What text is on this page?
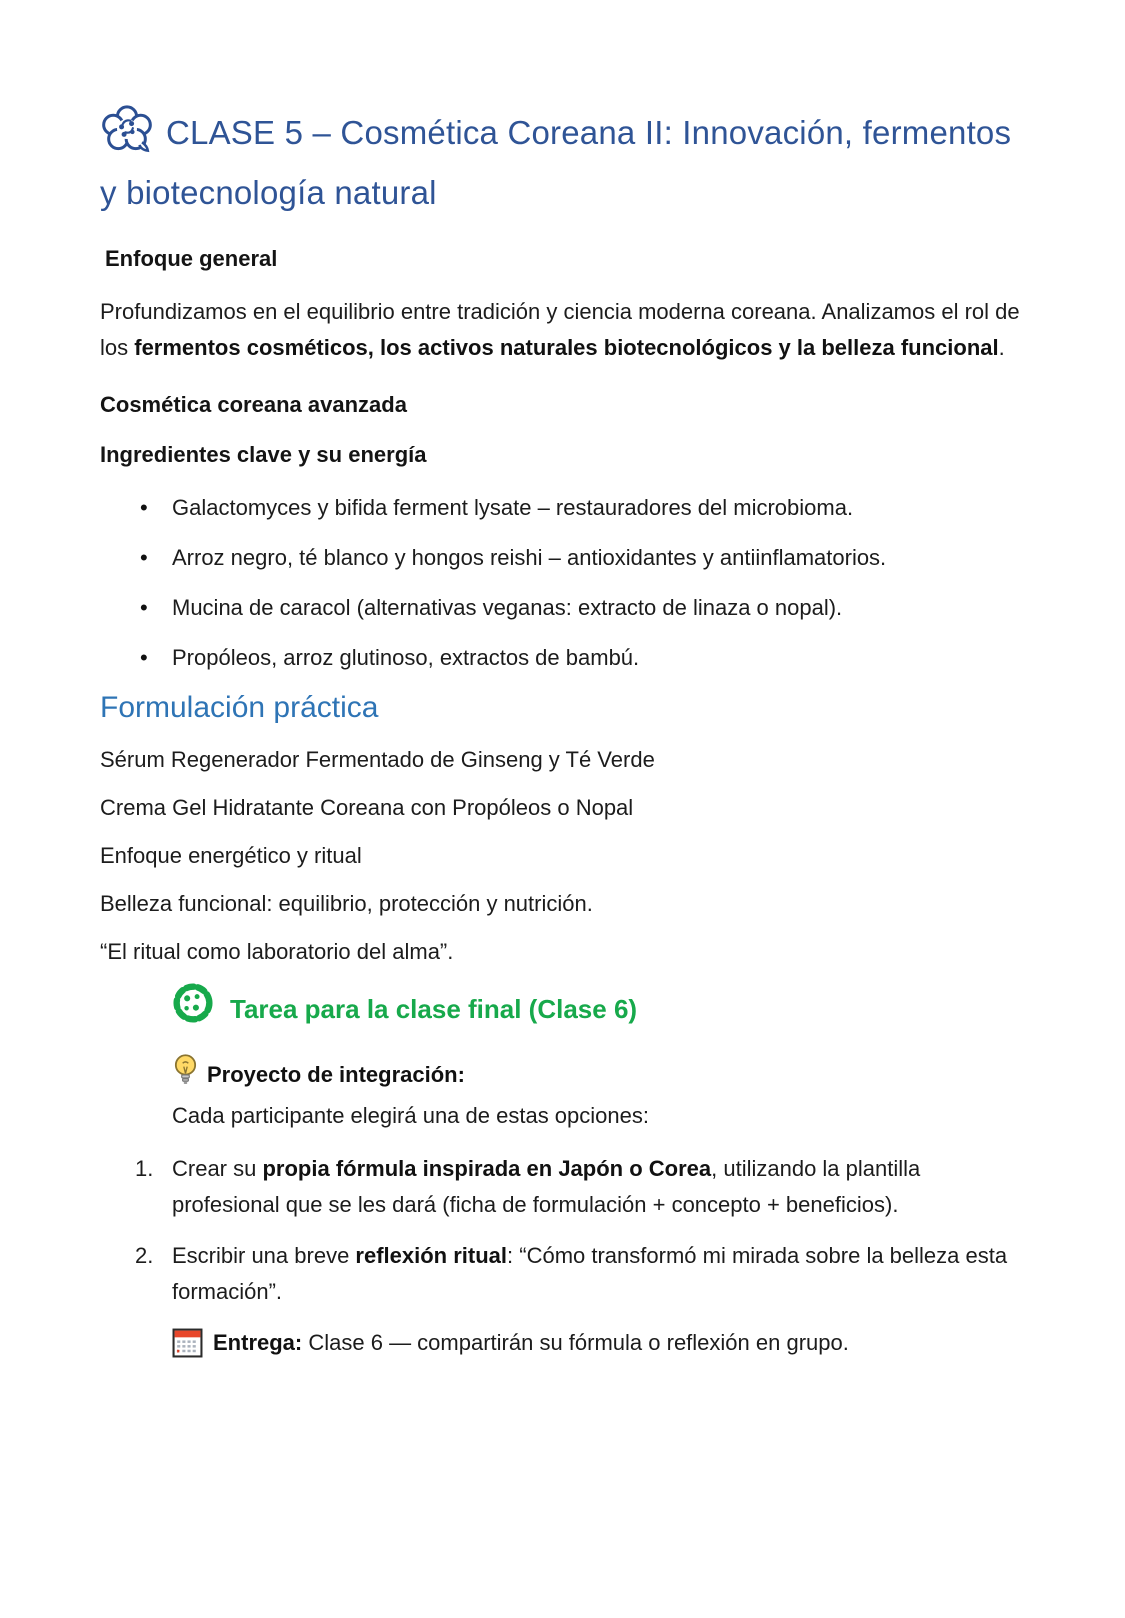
CLASE 5 – Cosmética Coreana II: Innovación, fermentos y biotecnología natural
Enfoque general

Profundizamos en el equilibrio entre tradición y ciencia moderna coreana. Analizamos el rol de los fermentos cosméticos, los activos naturales biotecnológicos y la belleza funcional.

Cosmética coreana avanzada
Ingredientes clave y su energía
• Galactomyces y bifida ferment lysate – restauradores del microbioma.
• Arroz negro, té blanco y hongos reishi – antioxidantes y antiinflamatorios.
• Mucina de caracol (alternativas veganas: extracto de linaza o nopal).
• Propóleos, arroz glutinoso, extractos de bambú.
Formulación práctica

Sérum Regenerador Fermentado de Ginseng y Té Verde

Crema Gel Hidratante Coreana con Propóleos o Nopal

Enfoque energético y ritual

Belleza funcional: equilibrio, protección y nutrición.

“El ritual como laboratorio del alma”.

Tarea para la clase final (Clase 6)
Proyecto de integración:

Cada participante elegirá una de estas opciones:

1. Crear su propia fórmula inspirada en Japón o Corea, utilizando la plantilla profesional que se les dará (ficha de formulación + concepto + beneficios).
2. Escribir una breve reflexión ritual: “Cómo transformó mi mirada sobre la belleza esta formación”.
Entrega: Clase 6 — compartirán su fórmula o reflexión en grupo.
